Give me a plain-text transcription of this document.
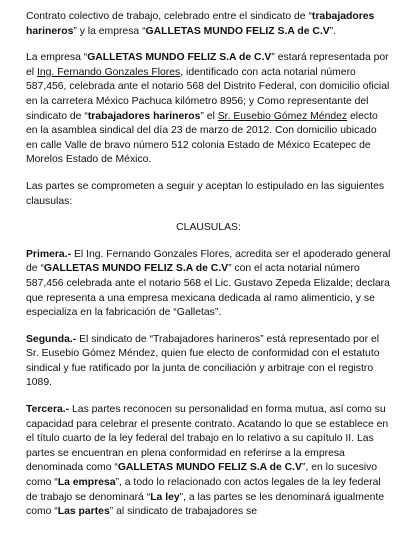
Contrato colectivo de trabajo, celebrado entre el sindicato de “trabajadores harineros” y la empresa “GALLETAS MUNDO FELIZ S.A de C.V”.

La empresa “GALLETAS MUNDO FELIZ S.A de C.V” estará representada por el Ing. Fernando Gonzales Flores, identificado con acta notarial número 587,456, celebrada ante el notario 568 del Distrito Federal, con domicilio oficial en la carretera México Pachuca kilómetro 8956; y Como representante del sindicato de “trabajadores harineros” el Sr. Eusebio Gómez Méndez electo en la asamblea sindical del día 23 de marzo de 2012. Con domicilio ubicado en calle Valle de bravo número 512 colonia Estado de México Ecatepec de Morelos Estado de México.

Las partes se comprometen a seguir y aceptan lo estipulado en las siguientes clausulas:

CLAUSULAS:

Primera.- El Ing. Fernando Gonzales Flores, acredita ser el apoderado general de “GALLETAS MUNDO FELIZ S.A de C.V” con el acta notarial número 587,456 celebrada ante el notario 568 el Lic. Gustavo Zepeda Elizalde; declara que representa a una empresa mexicana dedicada al ramo alimenticio, y se especializa en la fabricación de “Galletas”.

Segunda.- El sindicato de “Trabajadores harineros” está representado por el Sr. Eusebio Gómez Méndez, quien fue electo de conformidad con el estatuto sindical y fue ratificado por la junta de conciliación y arbitraje con el registro 1089.

Tercera.- Las partes reconocen su personalidad en forma mutua, así como su capacidad para celebrar el presente contrato. Acatando lo que se establece en el título cuarto de la ley federal del trabajo en lo relativo a su capítulo II. Las partes se encuentran en plena conformidad en referirse a la empresa denominada como “GALLETAS MUNDO FELIZ S.A de C.V”, en lo sucesivo como “La empresa”, a todo lo relacionado con actos legales de la ley federal de trabajo se denominará “La ley”, a las partes se les denominará igualmente como “Las partes” al sindicato de trabajadores se
